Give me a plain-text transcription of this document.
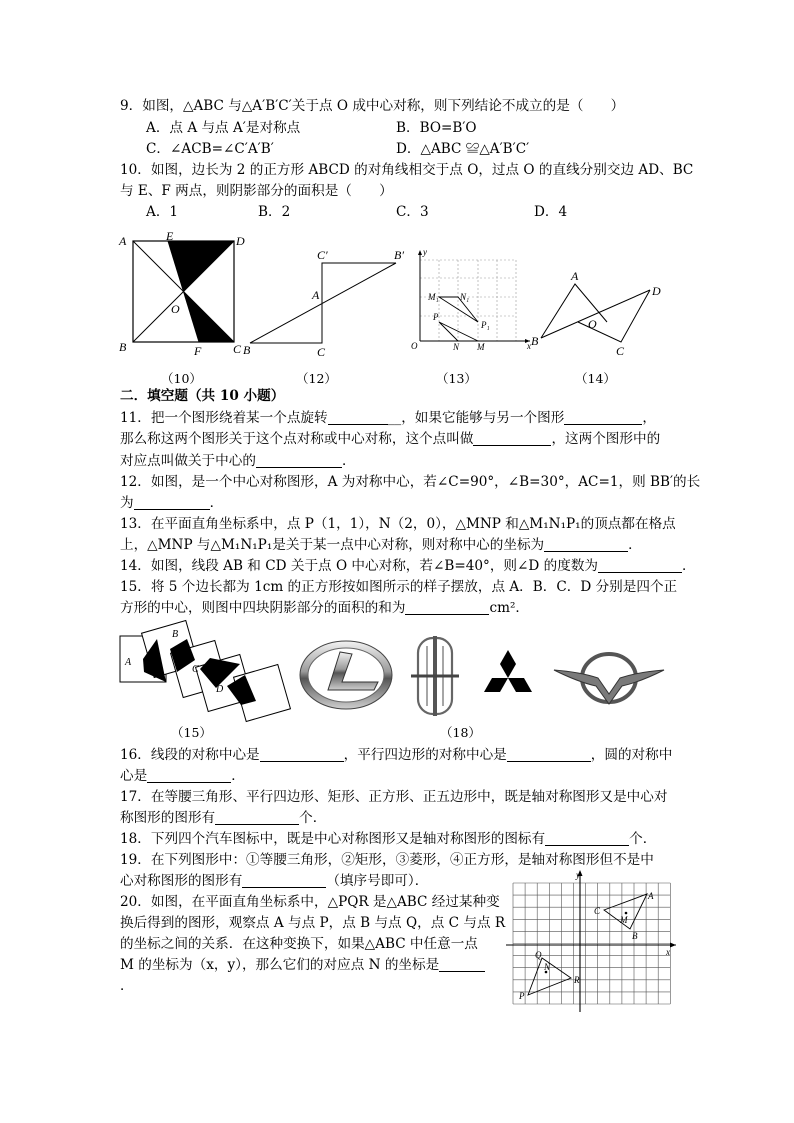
9．如图，△ABC 与△A′B′C′关于点 O 成中心对称，则下列结论不成立的是（　　）
A．点 A 与点 A′是对称点	B．BO=B′O
C．∠ACB=∠C′A′B′	D．△ABC ≌△A′B′C′
10．如图，边长为 2 的正方形 ABCD 的对角线相交于点 O，过点 O 的直线分别交边 AD、BC
与 E、F 两点，则阴影部分的面积是（　　）
A．1	B．2	C．3	D．4
A	E	D
O
B	F	C
C′	B′
A
B	C
y
M₁ N₁
P
P₁
O	N M	x
A
D
O
B
C
（10）	（12）	（13）	（14）
二．填空题（共 10 小题）
11．把一个图形绕着某一个点旋转	__，如果它能够与另一个图形	，
那么称这两个图形关于这个点对称或中心对称，这个点叫做	，这两个图形中的
对应点叫做关于中心的	．
12．如图，是一个中心对称图形，A 为对称中心，若∠C=90°，∠B=30°，AC=1，则 BB′的长
为	．
13．在平面直角坐标系中，点 P（1，1），N（2，0），△MNP 和△M₁N₁P₁的顶点都在格点
上，△MNP 与△M₁N₁P₁是关于某一点中心对称，则对称中心的坐标为	．
14．如图，线段 AB 和 CD 关于点 O 中心对称，若∠B=40°，则∠D 的度数为	．
15．将 5 个边长都为 1cm 的正方形按如图所示的样子摆放，点 A．B．C．D 分别是四个正
方形的中心，则图中四块阴影部分的面积的和为	cm²．
A
B
C
D
（15）	（18）
16．线段的对称中心是	，平行四边形的对称中心是	，圆的对称中
心是	．
17．在等腰三角形、平行四边形、矩形、正方形、正五边形中，既是轴对称图形又是中心对
称图形的图形有	个．
18．下列四个汽车图标中，既是中心对称图形又是轴对称图形的图标有	个．
19．在下列图形中：①等腰三角形，②矩形，③菱形，④正方形，是轴对称图形但不是中
心对称图形的图形有	（填序号即可）．
20．如图，在平面直角坐标系中，△PQR 是△ABC 经过某种变
换后得到的图形，观察点 A 与点 P，点 B 与点 Q，点 C 与点 R
的坐标之间的关系．在这种变换下，如果△ABC 中任意一点
M 的坐标为（x，y），那么它们的对应点 N 的坐标是
．
y
A
C
M
B
Q
N
R
P
x
